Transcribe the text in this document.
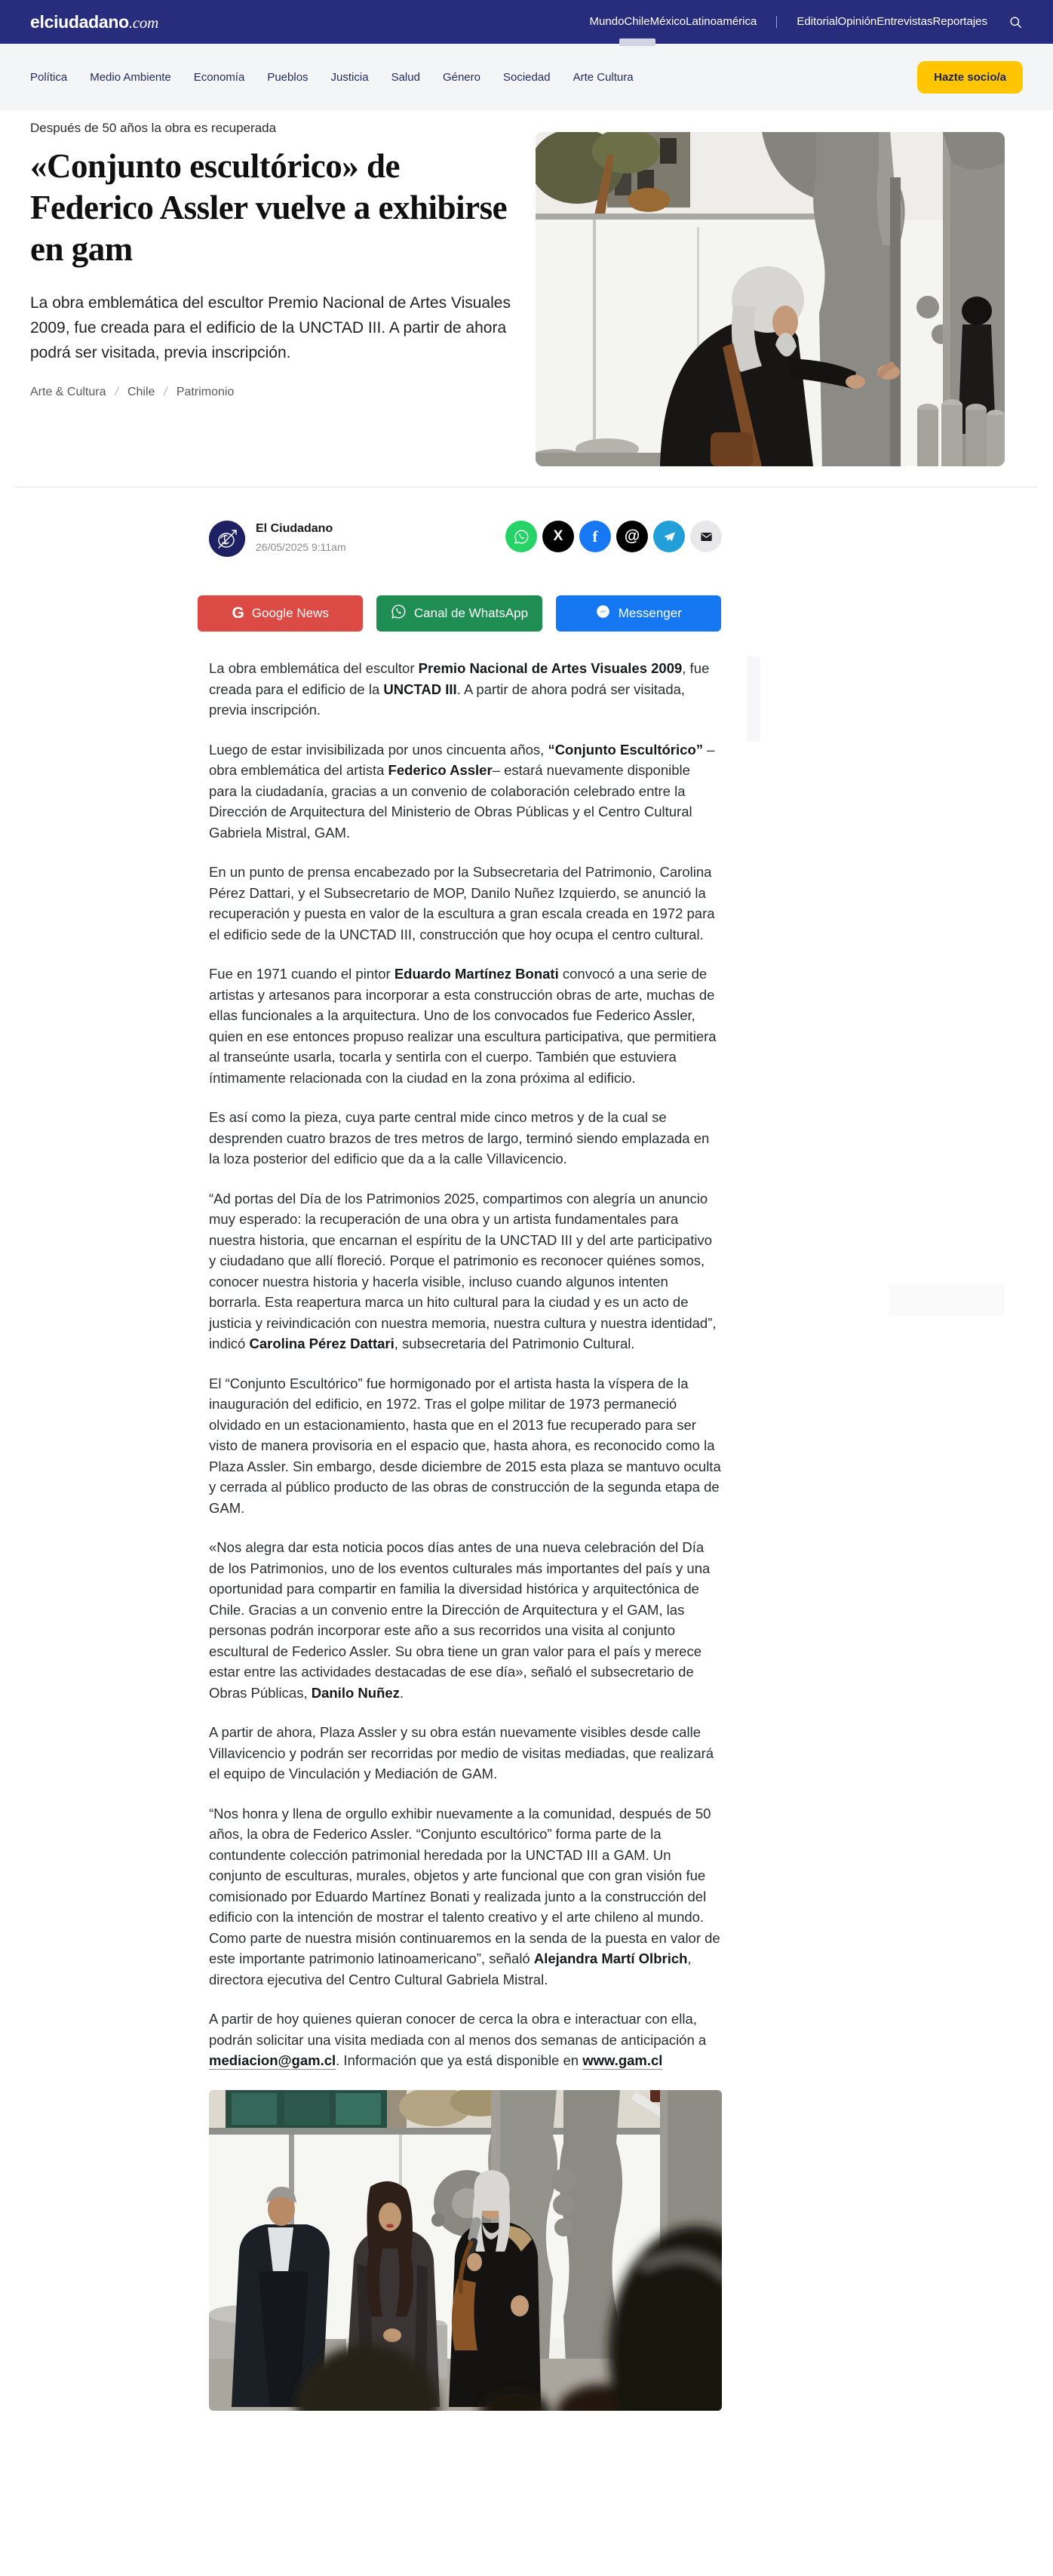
elciudadano.com	MundoChileMéxicoLatinoamérica	EditorialOpiniónEntrevistasReportajes
Política Medio Ambiente Economía Pueblos Justicia Salud Género Sociedad Arte Cultura	Hazte socio/a
Después de 50 años la obra es recuperada
«Conjunto escultórico» de Federico Assler vuelve a exhibirse en gam

La obra emblemática del escultor Premio Nacional de Artes Visuales 2009, fue creada para el edificio de la UNCTAD III. A partir de ahora podrá ser visitada, previa inscripción.

Arte & Cultura /	Chile /	Patrimonio
El Ciudadano
26/05/2025 9:11am
X f @
G Google News	Canal de WhatsApp	Messenger

La obra emblemática del escultor Premio Nacional de Artes Visuales 2009, fue creada para el edificio de la UNCTAD III. A partir de ahora podrá ser visitada, previa inscripción.

Luego de estar invisibilizada por unos cincuenta años, “Conjunto Escultórico” – obra emblemática del artista Federico Assler– estará nuevamente disponible para la ciudadanía, gracias a un convenio de colaboración celebrado entre la Dirección de Arquitectura del Ministerio de Obras Públicas y el Centro Cultural Gabriela Mistral, GAM.

En un punto de prensa encabezado por la Subsecretaria del Patrimonio, Carolina Pérez Dattari, y el Subsecretario de MOP, Danilo Nuñez Izquierdo, se anunció la recuperación y puesta en valor de la escultura a gran escala creada en 1972 para el edificio sede de la UNCTAD III, construcción que hoy ocupa el centro cultural.

Fue en 1971 cuando el pintor Eduardo Martínez Bonati convocó a una serie de artistas y artesanos para incorporar a esta construcción obras de arte, muchas de ellas funcionales a la arquitectura. Uno de los convocados fue Federico Assler, quien en ese entonces propuso realizar una escultura participativa, que permitiera al transeúnte usarla, tocarla y sentirla con el cuerpo. También que estuviera íntimamente relacionada con la ciudad en la zona próxima al edificio.

Es así como la pieza, cuya parte central mide cinco metros y de la cual se desprenden cuatro brazos de tres metros de largo, terminó siendo emplazada en la loza posterior del edificio que da a la calle Villavicencio.

“Ad portas del Día de los Patrimonios 2025, compartimos con alegría un anuncio muy esperado: la recuperación de una obra y un artista fundamentales para nuestra historia, que encarnan el espíritu de la UNCTAD III y del arte participativo y ciudadano que allí floreció. Porque el patrimonio es reconocer quiénes somos, conocer nuestra historia y hacerla visible, incluso cuando algunos intenten borrarla. Esta reapertura marca un hito cultural para la ciudad y es un acto de justicia y reivindicación con nuestra memoria, nuestra cultura y nuestra identidad”, indicó Carolina Pérez Dattari, subsecretaria del Patrimonio Cultural.

El “Conjunto Escultórico” fue hormigonado por el artista hasta la víspera de la inauguración del edificio, en 1972. Tras el golpe militar de 1973 permaneció olvidado en un estacionamiento, hasta que en el 2013 fue recuperado para ser visto de manera provisoria en el espacio que, hasta ahora, es reconocido como la Plaza Assler. Sin embargo, desde diciembre de 2015 esta plaza se mantuvo oculta y cerrada al público producto de las obras de construcción de la segunda etapa de GAM.

«Nos alegra dar esta noticia pocos días antes de una nueva celebración del Día de los Patrimonios, uno de los eventos culturales más importantes del país y una oportunidad para compartir en familia la diversidad histórica y arquitectónica de Chile. Gracias a un convenio entre la Dirección de Arquitectura y el GAM, las personas podrán incorporar este año a sus recorridos una visita al conjunto escultural de Federico Assler. Su obra tiene un gran valor para el país y merece estar entre las actividades destacadas de ese día», señaló el subsecretario de Obras Públicas, Danilo Nuñez.

A partir de ahora, Plaza Assler y su obra están nuevamente visibles desde calle Villavicencio y podrán ser recorridas por medio de visitas mediadas, que realizará el equipo de Vinculación y Mediación de GAM.

“Nos honra y llena de orgullo exhibir nuevamente a la comunidad, después de 50 años, la obra de Federico Assler. “Conjunto escultórico” forma parte de la contundente colección patrimonial heredada por la UNCTAD III a GAM. Un conjunto de esculturas, murales, objetos y arte funcional que con gran visión fue comisionado por Eduardo Martínez Bonati y realizada junto a la construcción del edificio con la intención de mostrar el talento creativo y el arte chileno al mundo. Como parte de nuestra misión continuaremos en la senda de la puesta en valor de este importante patrimonio latinoamericano”, señaló Alejandra Martí Olbrich, directora ejecutiva del Centro Cultural Gabriela Mistral.

A partir de hoy quienes quieran conocer de cerca la obra e interactuar con ella, podrán solicitar una visita mediada con al menos dos semanas de anticipación a mediacion@gam.cl. Información que ya está disponible en www.gam.cl
